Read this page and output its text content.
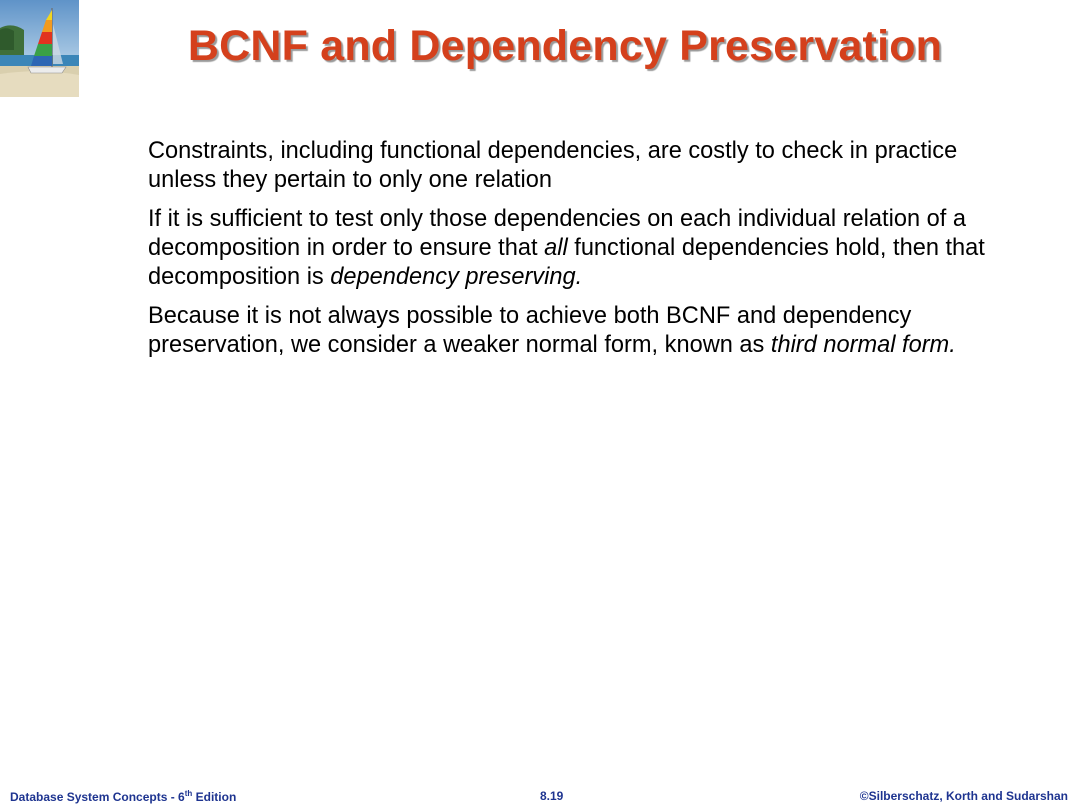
BCNF and Dependency Preservation

Constraints, including functional dependencies, are costly to check in practice unless they pertain to only one relation

If it is sufficient to test only those dependencies on each individual relation of a decomposition in order to ensure that all functional dependencies hold, then that decomposition is dependency preserving.

Because it is not always possible to achieve both BCNF and dependency preservation, we consider a weaker normal form, known as third normal form.

Database System Concepts - 6th Edition	8.19	©Silberschatz, Korth and Sudarshan
